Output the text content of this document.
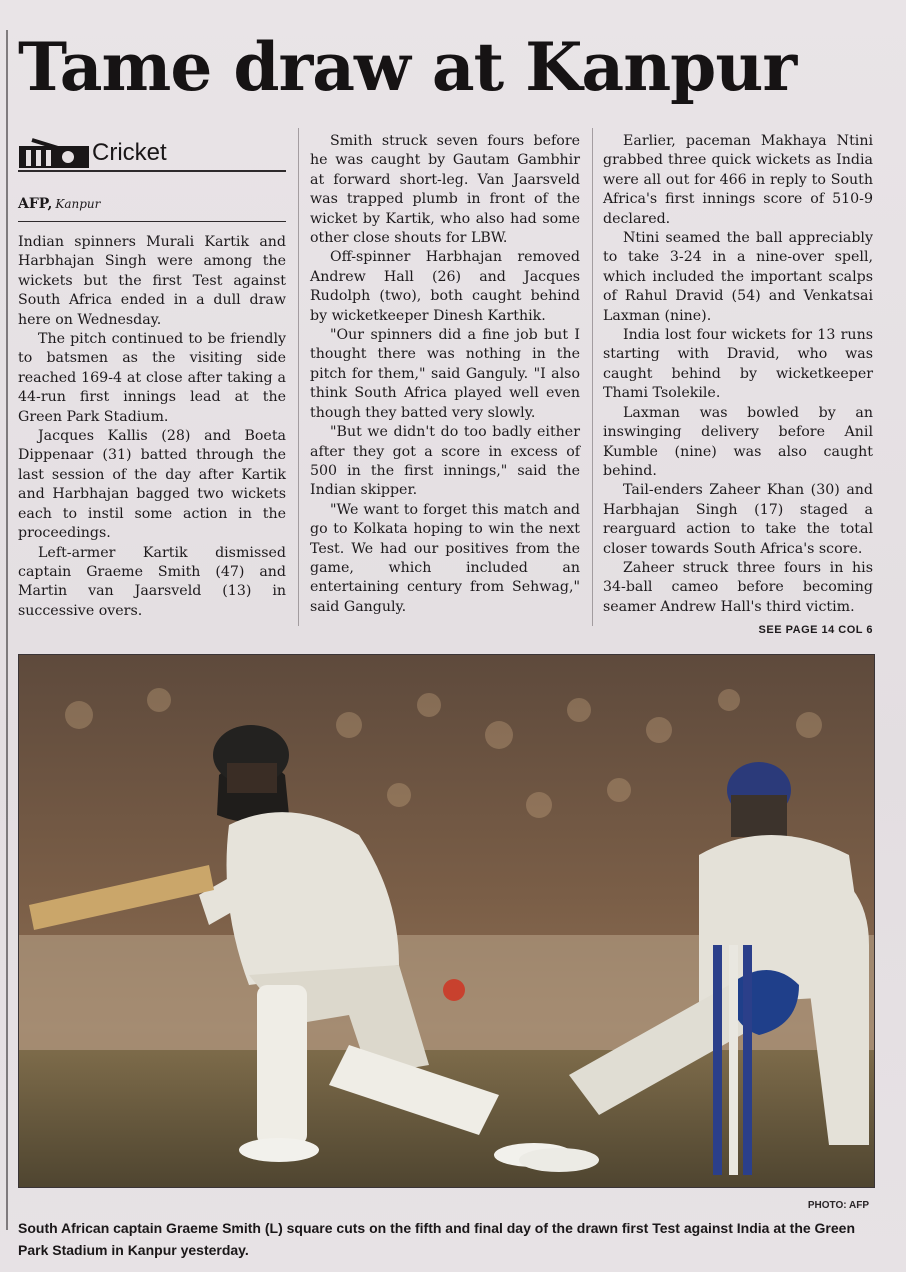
Tame draw at Kanpur
Cricket
AFP, Kanpur

Indian spinners Murali Kartik and Harbhajan Singh were among the wickets but the first Test against South Africa ended in a dull draw here on Wednesday.

The pitch continued to be friendly to batsmen as the visiting side reached 169-4 at close after taking a 44-run first innings lead at the Green Park Stadium.

Jacques Kallis (28) and Boeta Dippenaar (31) batted through the last session of the day after Kartik and Harbhajan bagged two wickets each to instil some action in the proceedings.

Left-armer Kartik dismissed captain Graeme Smith (47) and Martin van Jaarsveld (13) in successive overs.

Smith struck seven fours before he was caught by Gautam Gambhir at forward short-leg. Van Jaarsveld was trapped plumb in front of the wicket by Kartik, who also had some other close shouts for LBW.

Off-spinner Harbhajan removed Andrew Hall (26) and Jacques Rudolph (two), both caught behind by wicketkeeper Dinesh Karthik.

"Our spinners did a fine job but I thought there was nothing in the pitch for them," said Ganguly. "I also think South Africa played well even though they batted very slowly.

"But we didn't do too badly either after they got a score in excess of 500 in the first innings," said the Indian skipper.

"We want to forget this match and go to Kolkata hoping to win the next Test. We had our positives from the game, which included an entertaining century from Sehwag," said Ganguly.

Earlier, paceman Makhaya Ntini grabbed three quick wickets as India were all out for 466 in reply to South Africa's first innings score of 510-9 declared.

Ntini seamed the ball appreciably to take 3-24 in a nine-over spell, which included the important scalps of Rahul Dravid (54) and Venkatsai Laxman (nine).

India lost four wickets for 13 runs starting with Dravid, who was caught behind by wicketkeeper Thami Tsolekile.

Laxman was bowled by an inswinging delivery before Anil Kumble (nine) was also caught behind.

Tail-enders Zaheer Khan (30) and Harbhajan Singh (17) staged a rearguard action to take the total closer towards South Africa's score.

Zaheer struck three fours in his 34-ball cameo before becoming seamer Andrew Hall's third victim.

SEE PAGE 14 COL 6
PHOTO: AFP
South African captain Graeme Smith (L) square cuts on the fifth and final day of the drawn first Test against India at the Green Park Stadium in Kanpur yesterday.
